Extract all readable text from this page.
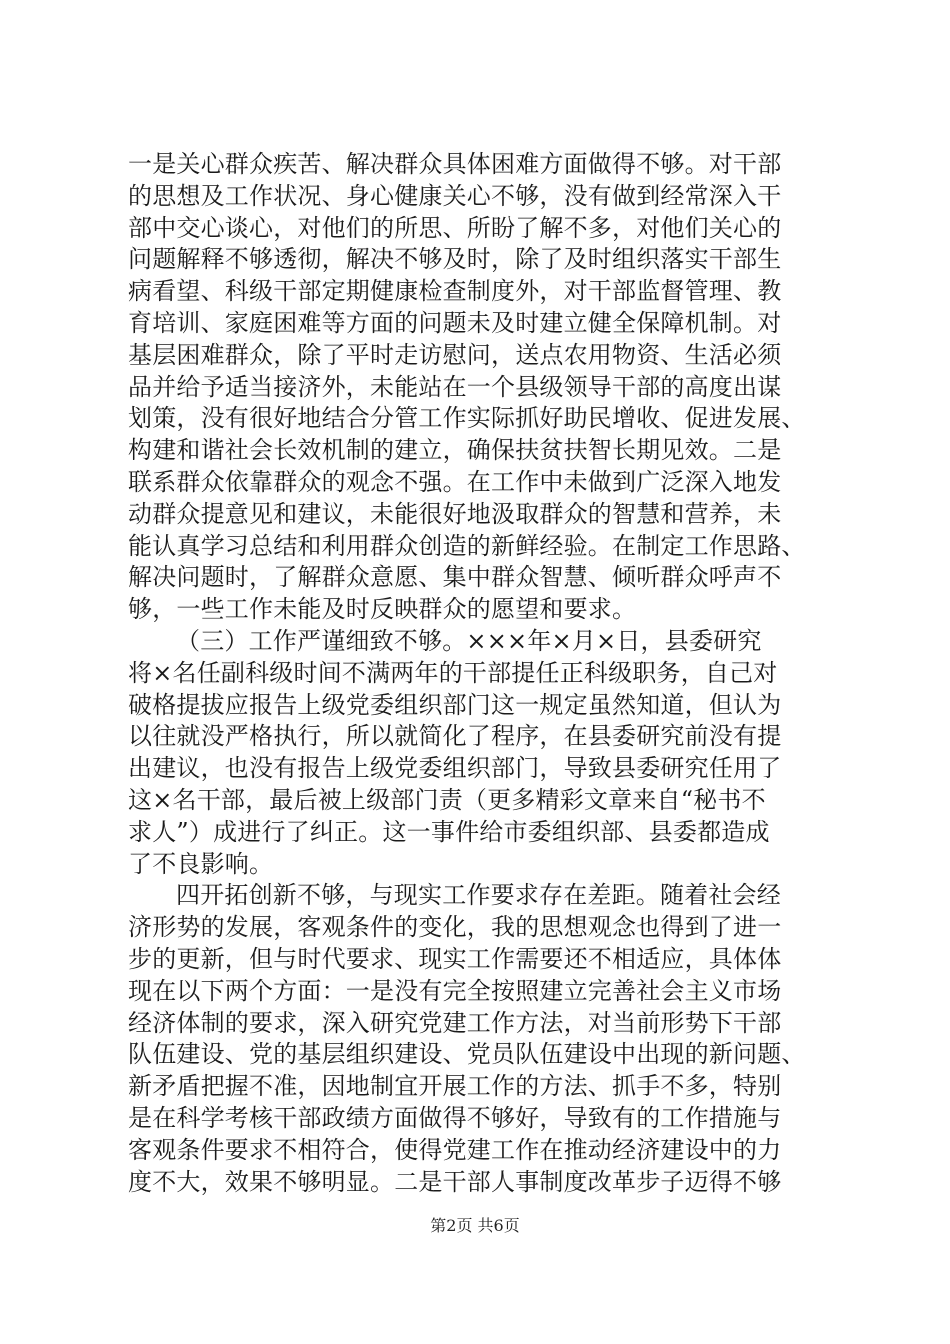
一是关心群众疾苦、解决群众具体困难方面做得不够。对干部
的思想及工作状况、身心健康关心不够，没有做到经常深入干
部中交心谈心，对他们的所思、所盼了解不多，对他们关心的
问题解释不够透彻，解决不够及时，除了及时组织落实干部生
病看望、科级干部定期健康检查制度外，对干部监督管理、教
育培训、家庭困难等方面的问题未及时建立健全保障机制。对
基层困难群众，除了平时走访慰问，送点农用物资、生活必须
品并给予适当接济外，未能站在一个县级领导干部的高度出谋
划策，没有很好地结合分管工作实际抓好助民增收、促进发展、
构建和谐社会长效机制的建立，确保扶贫扶智长期见效。二是
联系群众依靠群众的观念不强。在工作中未做到广泛深入地发
动群众提意见和建议，未能很好地汲取群众的智慧和营养，未
能认真学习总结和利用群众创造的新鲜经验。在制定工作思路、
解决问题时，了解群众意愿、集中群众智慧、倾听群众呼声不
够，一些工作未能及时反映群众的愿望和要求。
（三）工作严谨细致不够。×××年×月×日，县委研究
将×名任副科级时间不满两年的干部提任正科级职务，自己对
破格提拔应报告上级党委组织部门这一规定虽然知道，但认为
以往就没严格执行，所以就简化了程序，在县委研究前没有提
出建议，也没有报告上级党委组织部门，导致县委研究任用了
这×名干部，最后被上级部门责（更多精彩文章来自“秘书不
求人”）成进行了纠正。这一事件给市委组织部、县委都造成
了不良影响。
四开拓创新不够，与现实工作要求存在差距。随着社会经
济形势的发展，客观条件的变化，我的思想观念也得到了进一
步的更新，但与时代要求、现实工作需要还不相适应，具体体
现在以下两个方面：一是没有完全按照建立完善社会主义市场
经济体制的要求，深入研究党建工作方法，对当前形势下干部
队伍建设、党的基层组织建设、党员队伍建设中出现的新问题、
新矛盾把握不准，因地制宜开展工作的方法、抓手不多，特别
是在科学考核干部政绩方面做得不够好，导致有的工作措施与
客观条件要求不相符合，使得党建工作在推动经济建设中的力
度不大，效果不够明显。二是干部人事制度改革步子迈得不够
第2页 共6页
